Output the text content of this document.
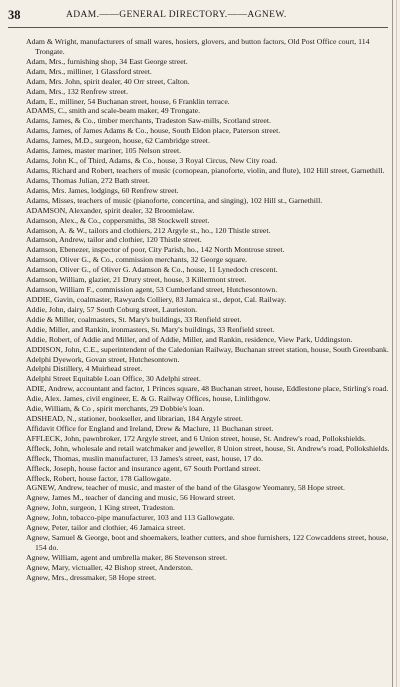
38	ADAM.——GENERAL DIRECTORY.——AGNEW.

Adam & Wright, manufacturers of small wares, hosiers, glovers, and button factors, Old Post Office court, 114 Trongate.

Adam, Mrs., furnishing shop, 34 East George street.

Adam, Mrs., milliner, 1 Glassford street.

Adam, Mrs. John, spirit dealer, 40 Orr street, Calton.

Adam, Mrs., 132 Renfrew street.

Adam, E., milliner, 54 Buchanan street, house, 6 Franklin terrace.

ADAMS, C., smith and scale-beam maker, 49 Trongate.

Adams, James, & Co., timber merchants, Tradeston Saw-mills, Scotland street.

Adams, James, of James Adams & Co., house, South Eldon place, Paterson street.

Adams, James, M.D., surgeon, house, 62 Cambridge street.

Adams, James, master mariner, 105 Nelson street.

Adams, John K., of Third, Adams, & Co., house, 3 Royal Circus, New City road.

Adams, Richard and Robert, teachers of music (cornopean, pianoforte, violin, and flute), 102 Hill street, Garnethill.

Adams, Thomas Julian, 272 Bath street.

Adams, Mrs. James, lodgings, 60 Renfrew street.

Adams, Misses, teachers of music (pianoforte, concertina, and singing), 102 Hill st., Garnethill.

ADAMSON, Alexander, spirit dealer, 32 Broomielaw.

Adamson, Alex., & Co., coppersmiths, 38 Stockwell street.

Adamson, A. & W., tailors and clothiers, 212 Argyle st., ho., 120 Thistle street.

Adamson, Andrew, tailor and clothier, 120 Thistle street.

Adamson, Ebenezer, inspector of poor, City Parish, ho., 142 North Montrose street.

Adamson, Oliver G., & Co., commission merchants, 32 George square.

Adamson, Oliver G., of Oliver G. Adamson & Co., house, 11 Lynedoch crescent.

Adamson, William, glazier, 21 Drury street, house, 3 Killermont street.

Adamson, William F., commission agent, 53 Cumberland street, Hutchesontown.

ADDIE, Gavin, coalmaster, Rawyards Colliery, 83 Jamaica st., depot, Cal. Railway.

Addie, John, dairy, 57 South Coburg street, Laurieston.

Addie & Miller, coalmasters, St. Mary's buildings, 33 Renfield street.

Addie, Miller, and Rankin, ironmasters, St. Mary's buildings, 33 Renfield street.

Addie, Robert, of Addie and Miller, and of Addie, Miller, and Rankin, residence, View Park, Uddingston.

ADDISON, John, C.E., superintendent of the Caledonian Railway, Buchanan street station, house, South Greenbank.

Adelphi Dyework, Govan street, Hutchesontown.

Adelphi Distillery, 4 Muirhead street.

Adelphi Street Equitable Loan Office, 30 Adelphi street.

ADIE, Andrew, accountant and factor, 1 Princes square, 48 Buchanan street, house, Eddlestone place, Stirling's road.

Adie, Alex. James, civil engineer, E. & G. Railway Offices, house, Linlithgow.

Adie, William, & Co , spirit merchants, 29 Dobbie's loan.

ADSHEAD, N., stationer, bookseller, and librarian, 184 Argyle street.

Affidavit Office for England and Ireland, Drew & Maclure, 11 Buchanan street.

AFFLECK, John, pawnbroker, 172 Argyle street, and 6 Union street, house, St. Andrew's road, Pollokshields.

Affleck, John, wholesale and retail watchmaker and jeweller, 8 Union street, house, St. Andrew's road, Pollokshields.

Affleck, Thomas, muslin manufacturer, 13 James's street, east, house, 17 do.

Affleck, Joseph, house factor and insurance agent, 67 South Portland street.

Affleck, Robert, house factor, 178 Gallowgate.

AGNEW, Andrew, teacher of music, and master of the band of the Glasgow Yeomanry, 58 Hope street.

Agnew, James M., teacher of dancing and music, 56 Howard street.

Agnew, John, surgeon, 1 King street, Tradeston.

Agnew, John, tobacco-pipe manufacturer, 103 and 113 Gallowgate.

Agnew, Peter, tailor and clothier, 46 Jamaica street.

Agnew, Samuel & George, boot and shoemakers, leather cutters, and shoe furnishers, 122 Cowcaddens street, house, 154 do.

Agnew, William, agent and umbrella maker, 86 Stevenson street.

Agnew, Mary, victualler, 42 Bishop street, Anderston.

Agnew, Mrs., dressmaker, 58 Hope street.
